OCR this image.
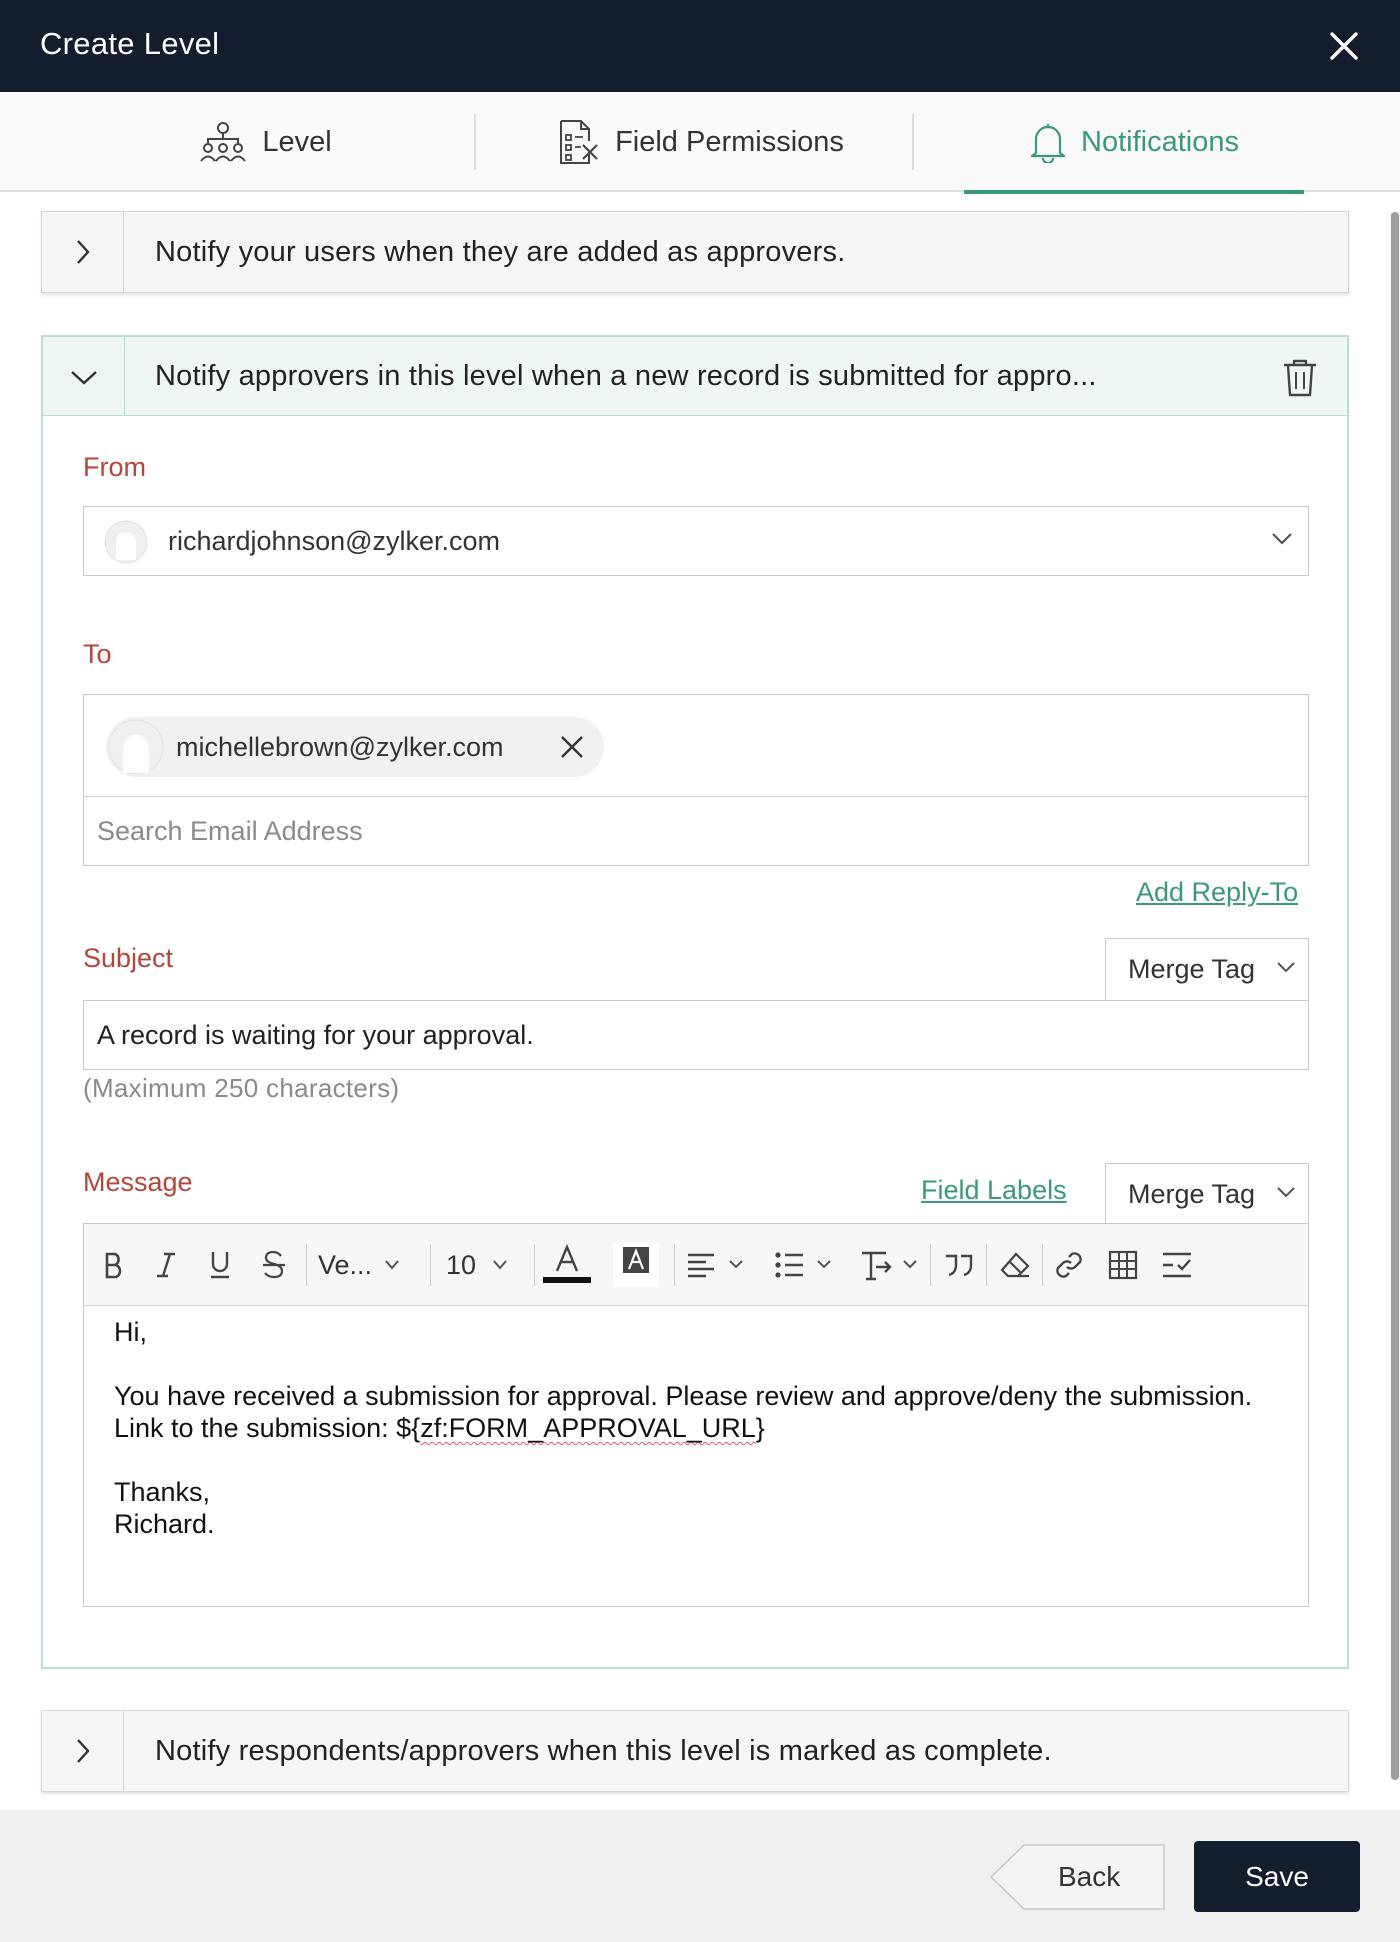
Create Level
Level	Field Permissions	Notifications
Notify your users when they are added as approvers.
Notify approvers in this level when a new record is submitted for appro...
From
richardjohnson@zylker.com
To
michellebrown@zylker.com
Search Email Address
Add Reply-To
Subject	Merge Tag
A record is waiting for your approval.
(Maximum 250 characters)
Message	Field Labels Merge Tag
Ve...	10
Hi,
You have received a submission for approval. Please review and approve/deny the submission.
Link to the submission: ${zf:FORM_APPROVAL_URL}
Thanks,
Richard.
Notify respondents/approvers when this level is marked as complete.
Back	Save
